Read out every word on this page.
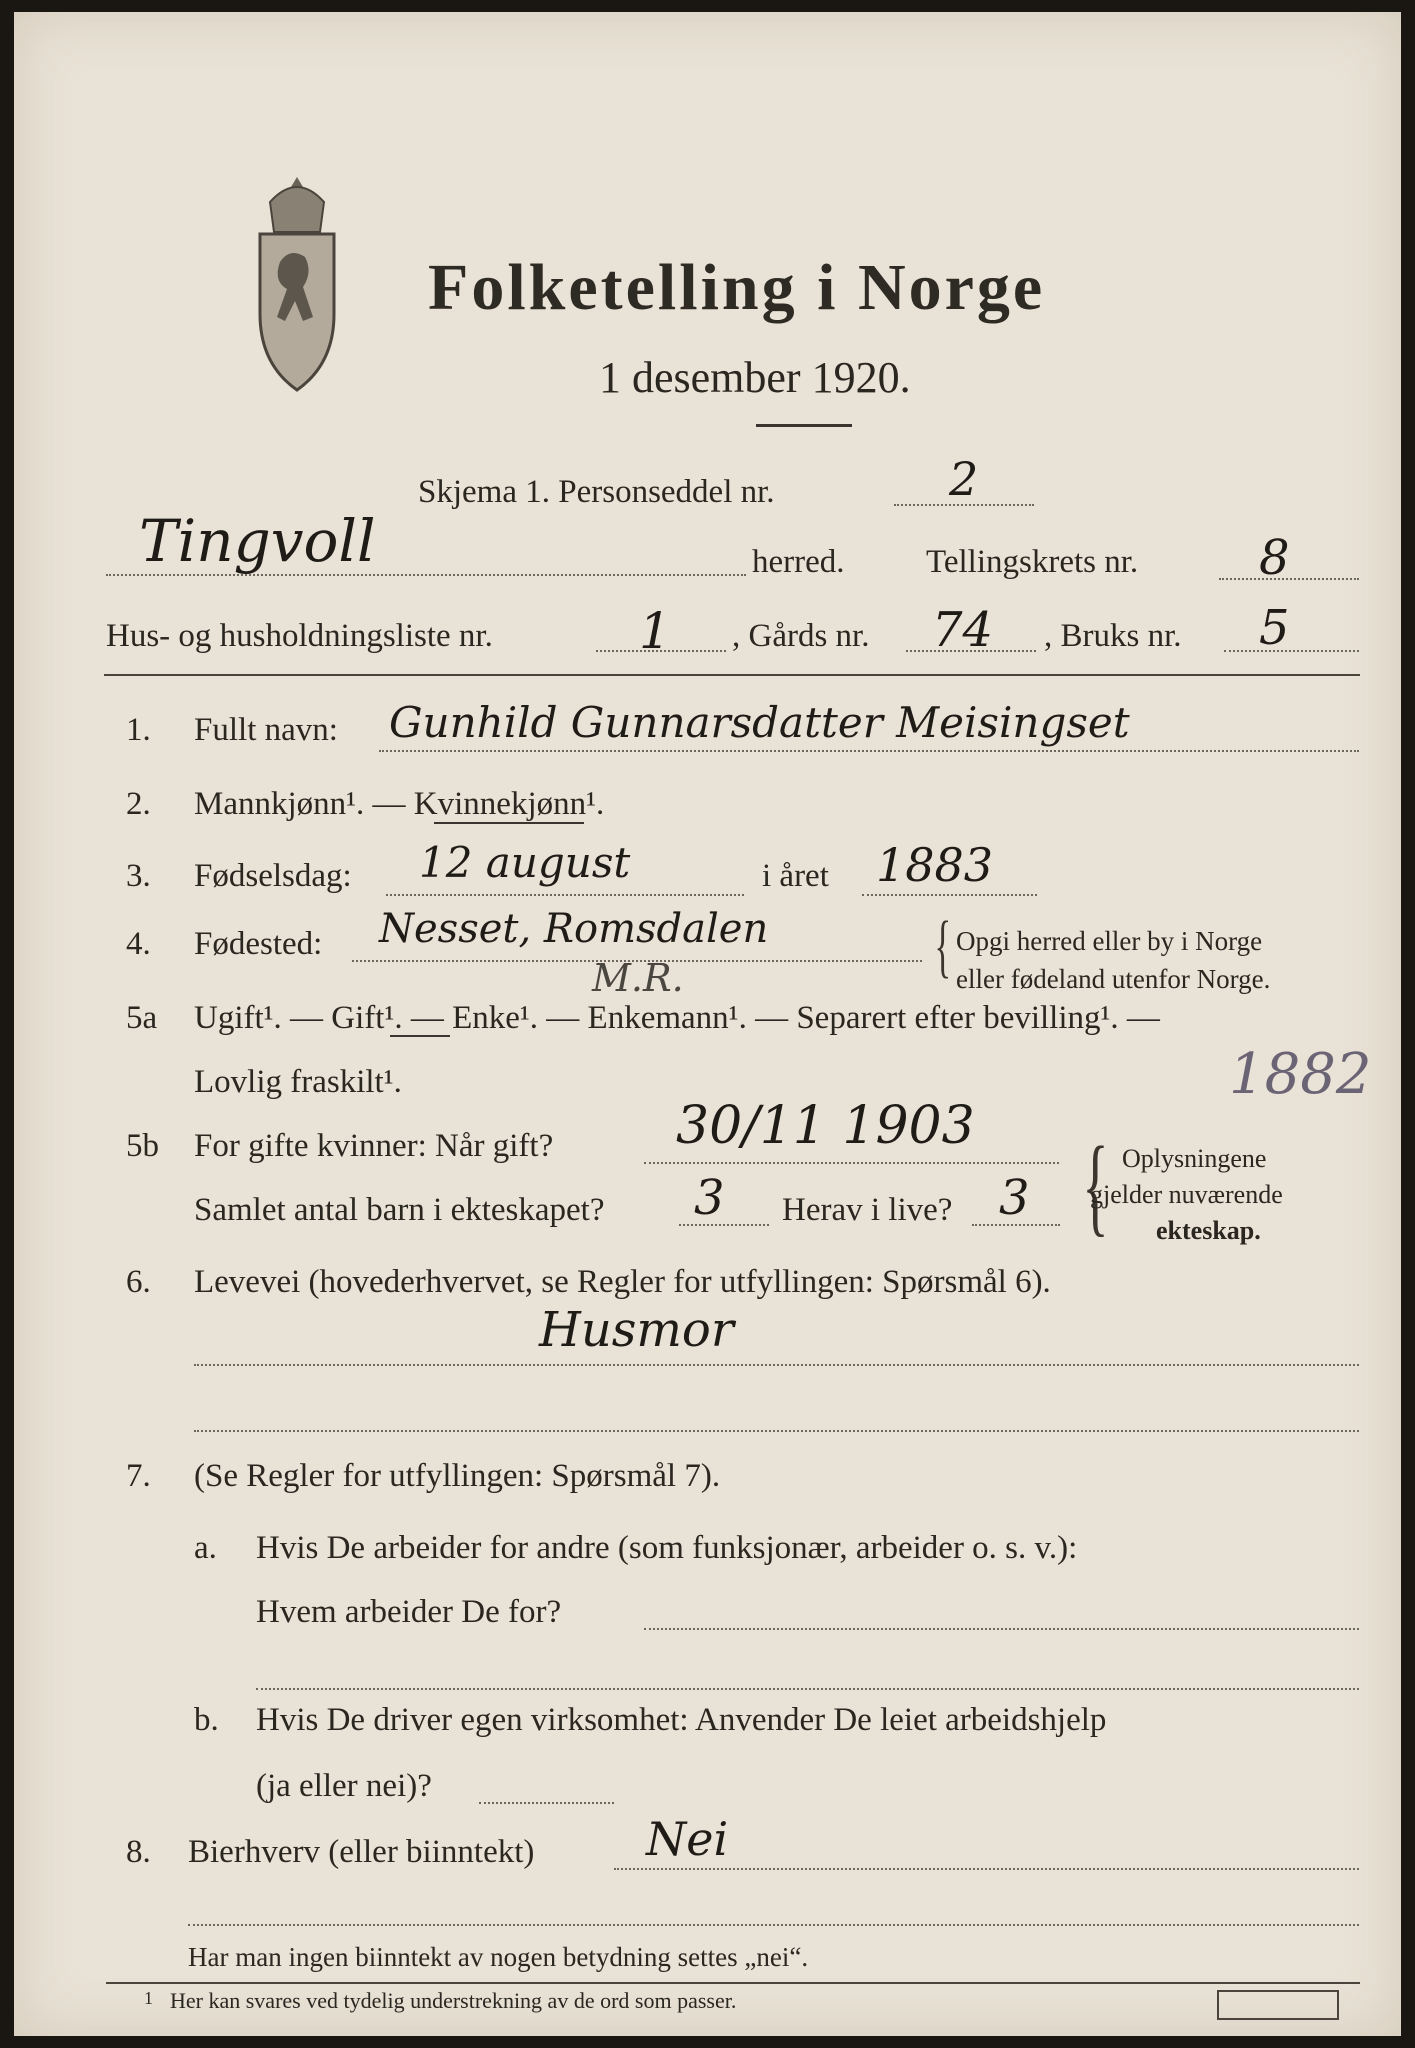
Folketelling i Norge
1 desember 1920.
Skjema 1. Personseddel nr.	2
Tingvoll	herred. Tellingskrets nr.	8
Hus- og husholdningsliste nr.	1 , Gårds nr. 74 , Bruks nr. 5
1. Fullt navn: Gunhild Gunnarsdatter Meisingset
2. Mannkjønn¹. — Kvinnekjønn¹.
3. Fødselsdag: 12 august	i året 1883
4. Fødested: Nesset, Romsdalen
M.R.	{ Opgi herred eller by i Norge
eller fødeland utenfor Norge.
5a Ugift¹. — Gift¹. — Enke¹. — Enkemann¹. — Separert efter bevilling¹. —
Lovlig fraskilt¹.	1882
5b For gifte kvinner: Når gift? 30/11 1903
Samlet antal barn i ekteskapet? 3 Herav i live? 3 { Oplysningene
gjelder nuværende
ekteskap.
6. Levevei (hovederhvervet, se Regler for utfyllingen: Spørsmål 6).
Husmor
7. (Se Regler for utfyllingen: Spørsmål 7).
a. Hvis De arbeider for andre (som funksjonær, arbeider o. s. v.):
Hvem arbeider De for?
b. Hvis De driver egen virksomhet: Anvender De leiet arbeidshjelp
(ja eller nei)?
8. Bierhverv (eller biinntekt) Nei
Har man ingen biinntekt av nogen betydning settes „nei“.
1 Her kan svares ved tydelig understrekning av de ord som passer.
